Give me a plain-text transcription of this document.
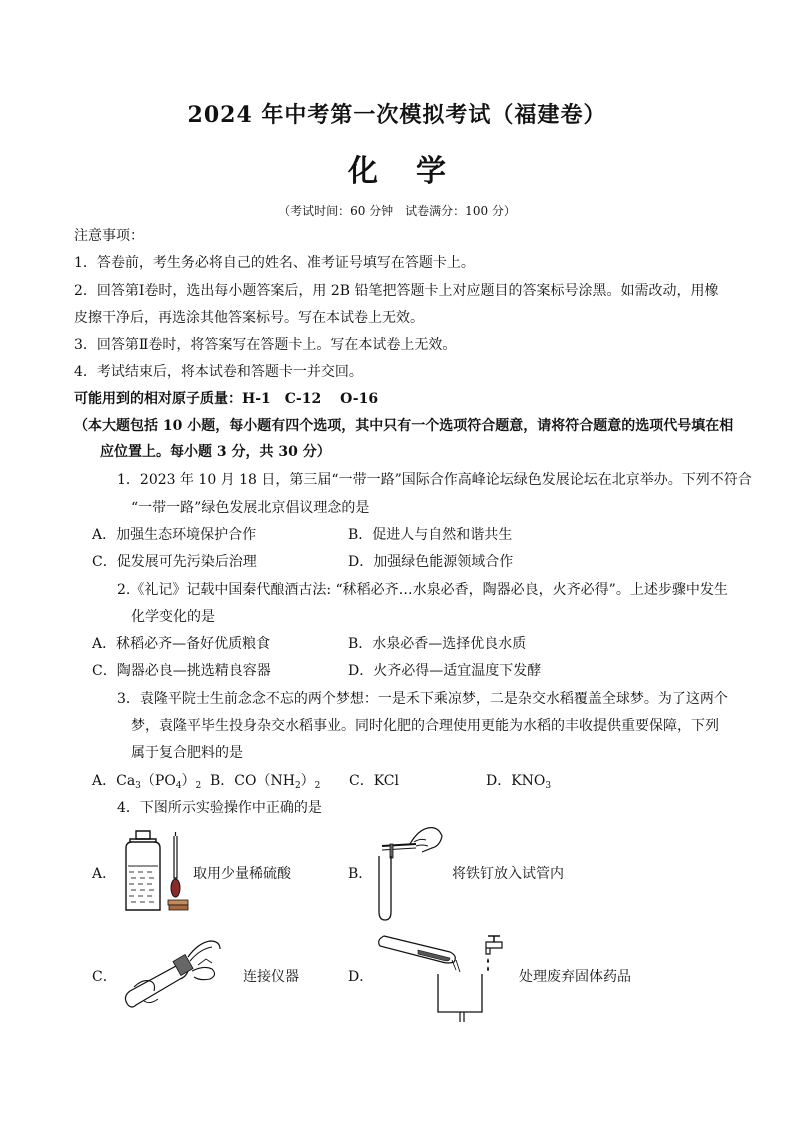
2024 年中考第一次模拟考试（福建卷）
化学
（考试时间：60 分钟　试卷满分：100 分）
注意事项：
1．答卷前，考生务必将自己的姓名、准考证号填写在答题卡上。
2．回答第Ⅰ卷时，选出每小题答案后，用 2B 铅笔把答题卡上对应题目的答案标号涂黑。如需改动，用橡
皮擦干净后，再选涂其他答案标号。写在本试卷上无效。
3．回答第Ⅱ卷时，将答案写在答题卡上。写在本试卷上无效。
4．考试结束后，将本试卷和答题卡一并交回。
可能用到的相对原子质量：H-1　C-12　 O-16
（本大题包括 10 小题，每小题有四个选项，其中只有一个选项符合题意，请将符合题意的选项代号填在相
应位置上。每小题 3 分，共 30 分）
1．2023 年 10 月 18 日，第三届“一带一路”国际合作高峰论坛绿色发展论坛在北京举办。下列不符合
“一带一路”绿色发展北京倡议理念的是
A．加强生态环境保护合作	B．促进人与自然和谐共生
C．促发展可先污染后治理	D．加强绿色能源领域合作
2.《礼记》记载中国秦代酿酒古法: “秫稻必齐…水泉必香，陶器必良，火齐必得”。上述步骤中发生
化学变化的是
A．秫稻必齐—备好优质粮食	B．水泉必香—选择优良水质
C．陶器必良—挑选精良容器	D．火齐必得—适宜温度下发酵
3．袁隆平院士生前念念不忘的两个梦想：一是禾下乘凉梦，二是杂交水稻覆盖全球梦。为了这两个
梦，袁隆平毕生投身杂交水稻事业。同时化肥的合理使用更能为水稻的丰收提供重要保障，下列
属于复合肥料的是
A．$Ca_3(PO_4)_2$ B．$CO(NH_2)_2$ C．KCl	D．$KNO_3$
4．下图所示实验操作中正确的是
A．	取用少量稀硫酸	B．	将铁钉放入试管内
C．	连接仪器	D．	处理废弃固体药品
